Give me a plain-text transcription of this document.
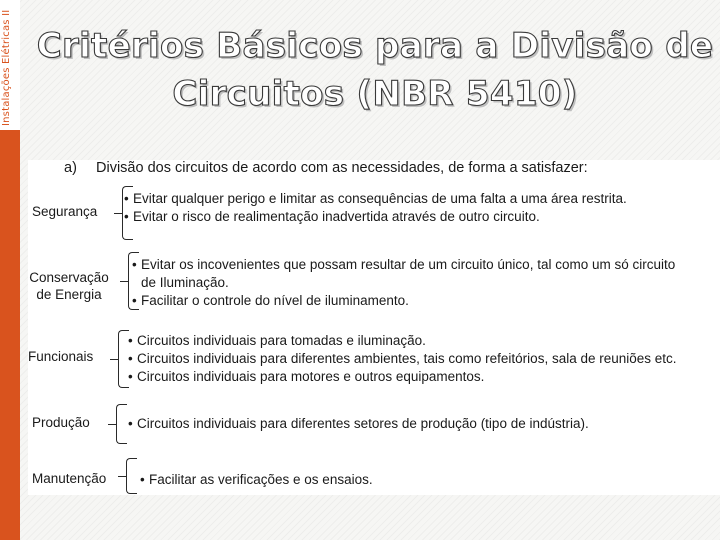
Instalações Elétricas II Critérios Básicos para a Divisão de
Circuitos (NBR 5410)
a) Divisão dos circuitos de acordo com as necessidades, de forma a satisfazer:
Segurança
• Evitar qualquer perigo e limitar as consequências de uma falta a uma área restrita.
• Evitar o risco de realimentação inadvertida através de outro circuito.
Conservação
de Energia
• Evitar os incovenientes que possam resultar de um circuito único, tal como um só circuito
de Iluminação.
• Facilitar o controle do nível de iluminamento.
Funcionais
• Circuitos individuais para tomadas e iluminação.
• Circuitos individuais para diferentes ambientes, tais como refeitórios, sala de reuniões etc.
• Circuitos individuais para motores e outros equipamentos.
Produção	• Circuitos individuais para diferentes setores de produção (tipo de indústria).
Manutenção • Facilitar as verificações e os ensaios.
